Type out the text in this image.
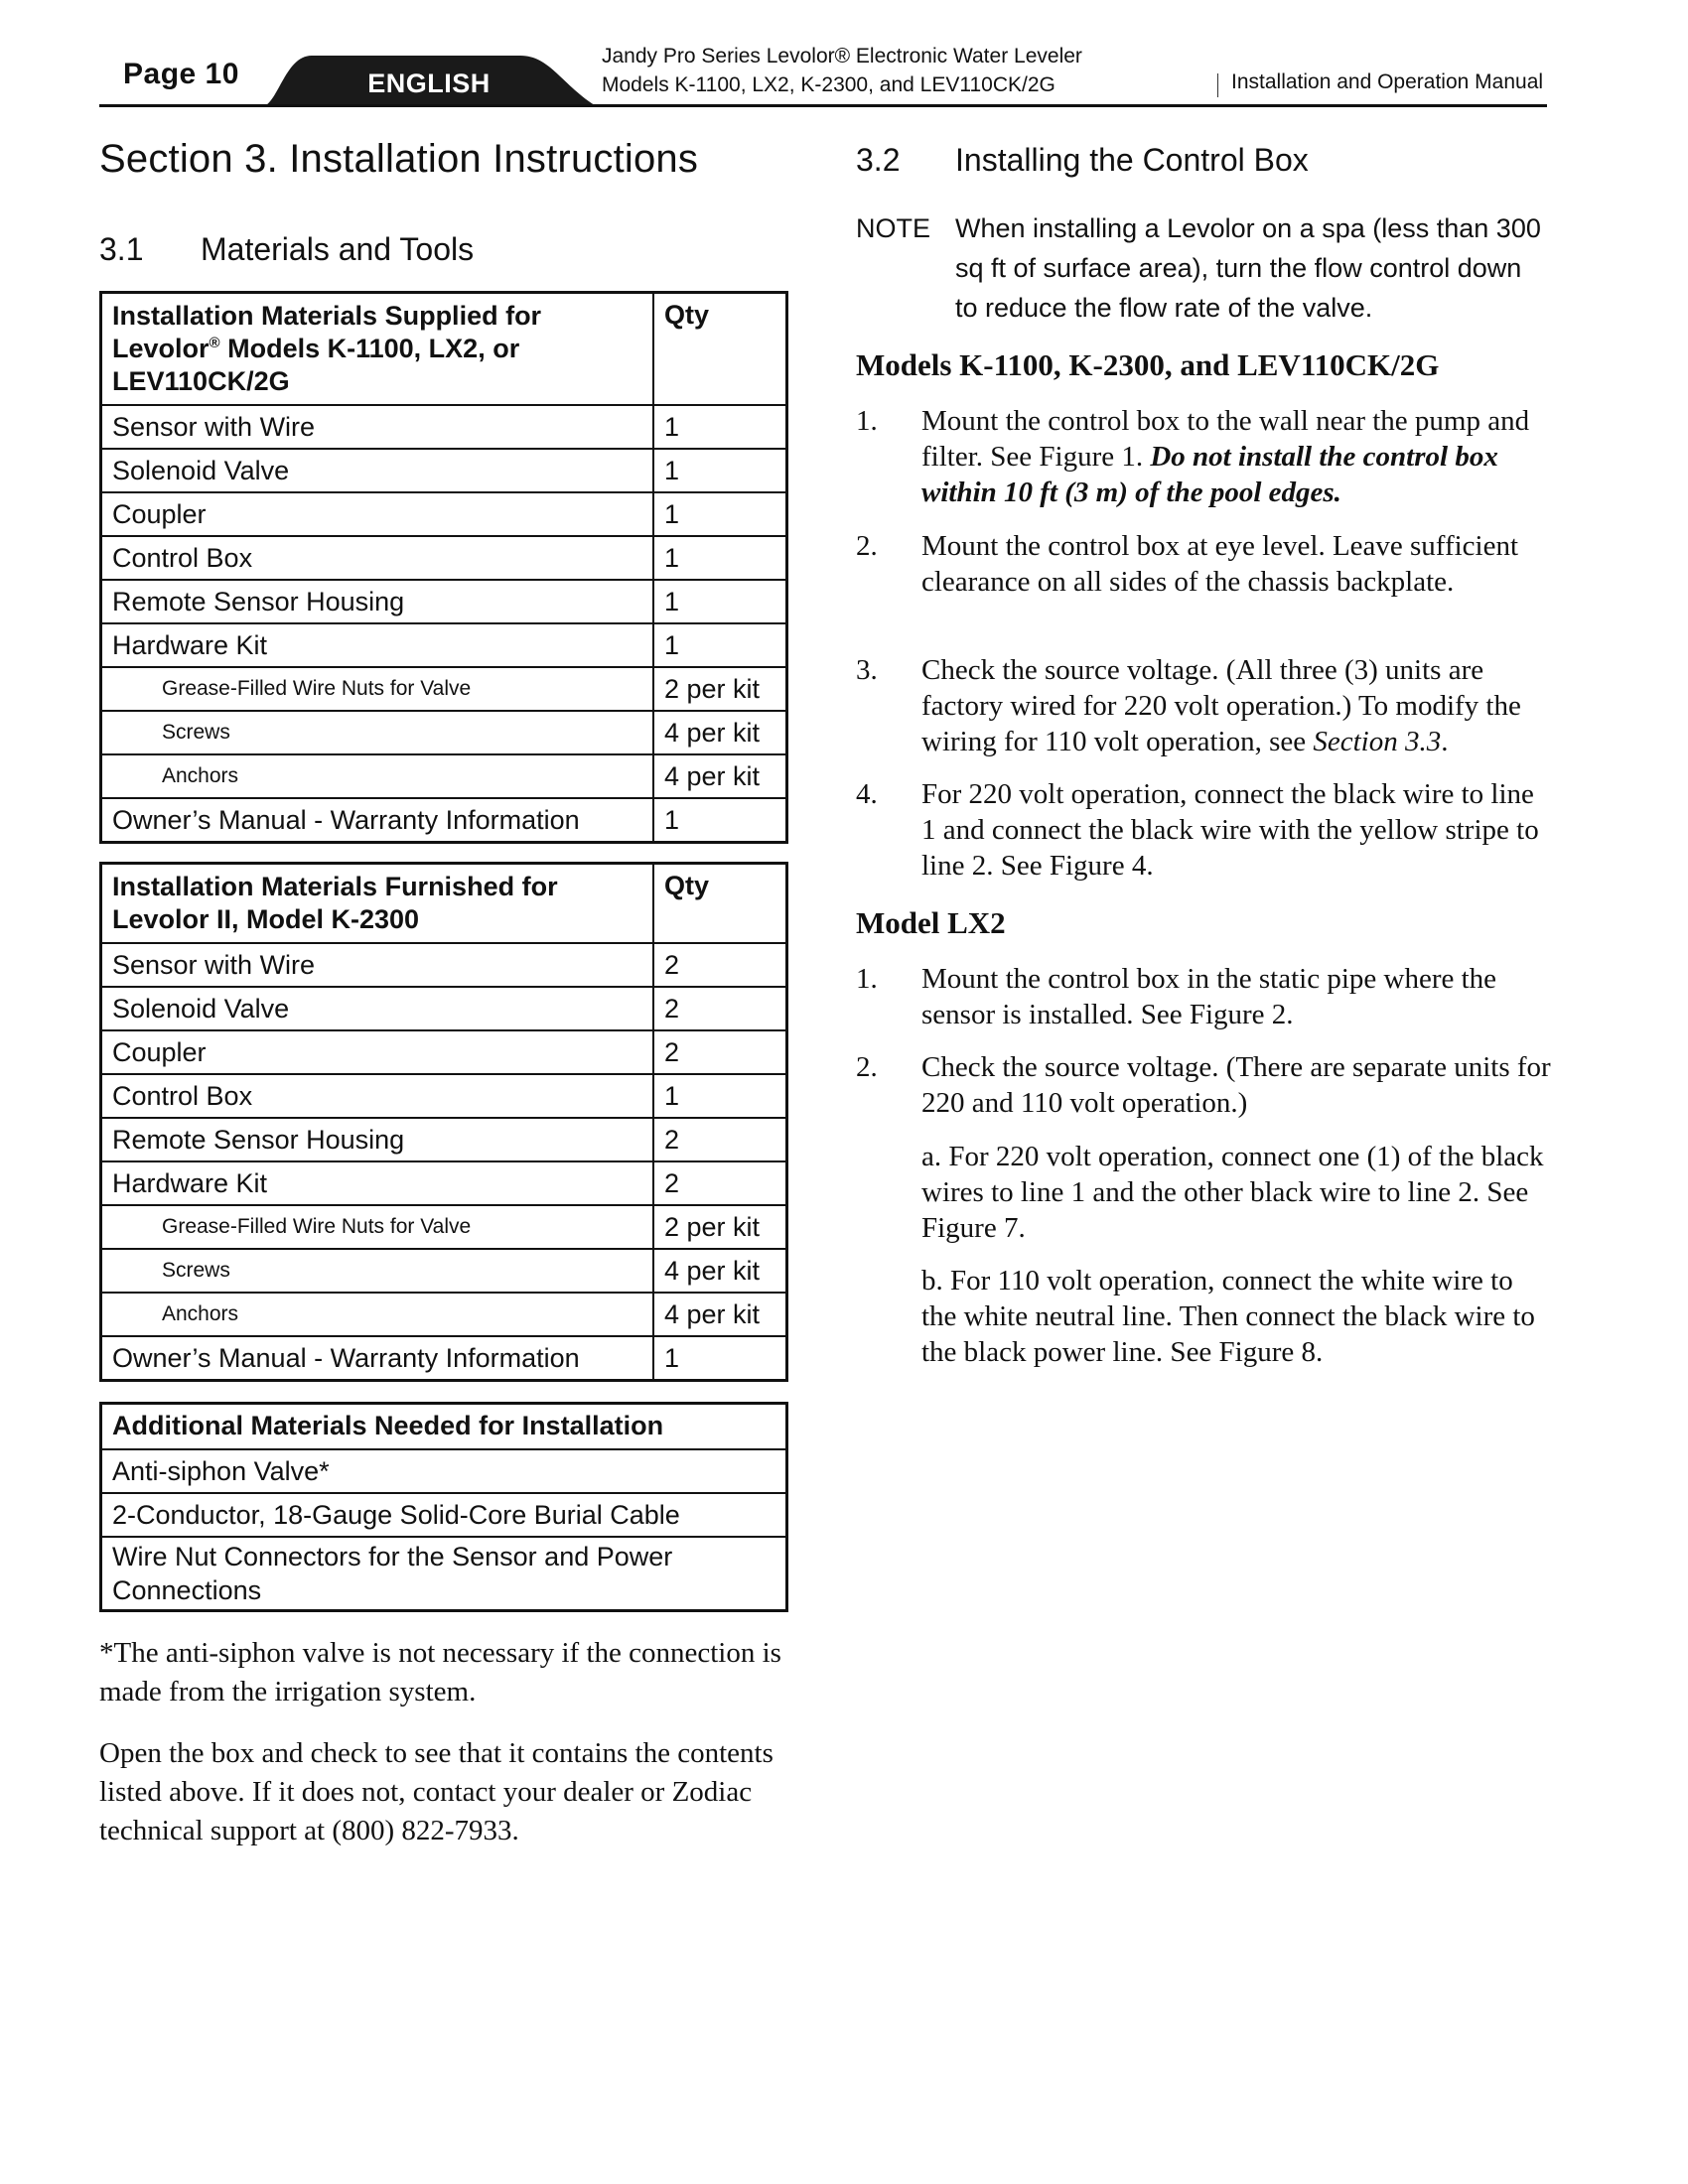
Page 10	ENGLISH
Jandy Pro Series Levolor® Electronic Water Leveler
Models K-1100, LX2, K-2300, and LEV110CK/2G	Installation and Operation Manual
Section 3. Installation Instructions
3.1 Materials and Tools
Installation Materials Supplied for
Levolor® Models K-1100, LX2, or
LEV110CK/2G	Qty
Sensor with Wire	1
Solenoid Valve	1
Coupler	1
Control Box	1
Remote Sensor Housing	1
Hardware Kit	1
Grease-Filled Wire Nuts for Valve	2 per kit
Screws	4 per kit
Anchors	4 per kit
Owner’s Manual - Warranty Information	1
Installation Materials Furnished for
Levolor II, Model K-2300	Qty
Sensor with Wire	2
Solenoid Valve	2
Coupler	2
Control Box	1
Remote Sensor Housing	2
Hardware Kit	2
Grease-Filled Wire Nuts for Valve	2 per kit
Screws	4 per kit
Anchors	4 per kit
Owner’s Manual - Warranty Information	1
Additional Materials Needed for Installation
Anti-siphon Valve*
2-Conductor, 18-Gauge Solid-Core Burial Cable
Wire Nut Connectors for the Sensor and Power Connections
*The anti-siphon valve is not necessary if the connection is made from the irrigation system.
Open the box and check to see that it contains the contents listed above. If it does not, contact your dealer or Zodiac technical support at (800) 822-7933.
3.2 Installing the Control Box
NOTE When installing a Levolor on a spa (less than 300 sq ft of surface area), turn the flow control down to reduce the flow rate of the valve.
Models K-1100, K-2300, and LEV110CK/2G
1. Mount the control box to the wall near the pump and filter. See Figure 1. Do not install the control box within 10 ft (3 m) of the pool edges.
2. Mount the control box at eye level. Leave sufficient clearance on all sides of the chassis backplate.
3. Check the source voltage. (All three (3) units are factory wired for 220 volt operation.) To modify the wiring for 110 volt operation, see Section 3.3.
4. For 220 volt operation, connect the black wire to line 1 and connect the black wire with the yellow stripe to line 2. See Figure 4.
Model LX2
1. Mount the control box in the static pipe where the sensor is installed. See Figure 2.
2. Check the source voltage. (There are separate units for 220 and 110 volt operation.)
a. For 220 volt operation, connect one (1) of the black wires to line 1 and the other black wire to line 2. See Figure 7.
b. For 110 volt operation, connect the white wire to the white neutral line. Then connect the black wire to the black power line. See Figure 8.
